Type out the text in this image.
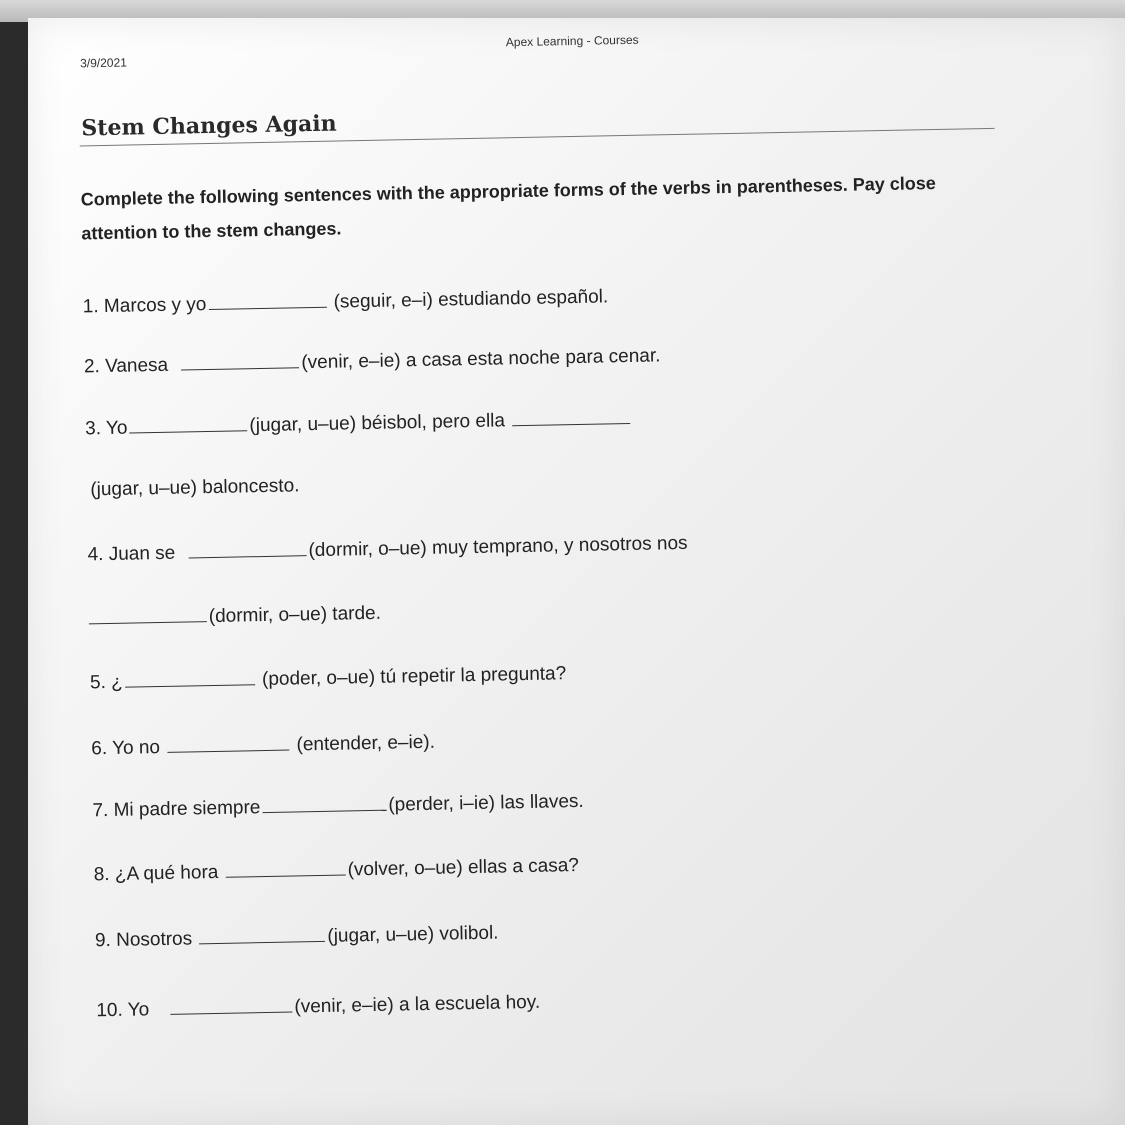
3/9/2021
Apex Learning - Courses
Stem Changes Again
Complete the following sentences with the appropriate forms of the verbs in parentheses. Pay close attention to the stem changes.
1. Marcos y yo	(seguir, e–i) estudiando español.
2. Vanesa	(venir, e–ie) a casa esta noche para cenar.
3. Yo	(jugar, u–ue) béisbol, pero ella
(jugar, u–ue) baloncesto.
4. Juan se	(dormir, o–ue) muy temprano, y nosotros nos
(dormir, o–ue) tarde.
5. ¿	(poder, o–ue) tú repetir la pregunta?
6. Yo no	(entender, e–ie).
7. Mi padre siempre	(perder, i–ie) las llaves.
8. ¿A qué hora	(volver, o–ue) ellas a casa?
9. Nosotros	(jugar, u–ue) volibol.
10. Yo	(venir, e–ie) a la escuela hoy.
